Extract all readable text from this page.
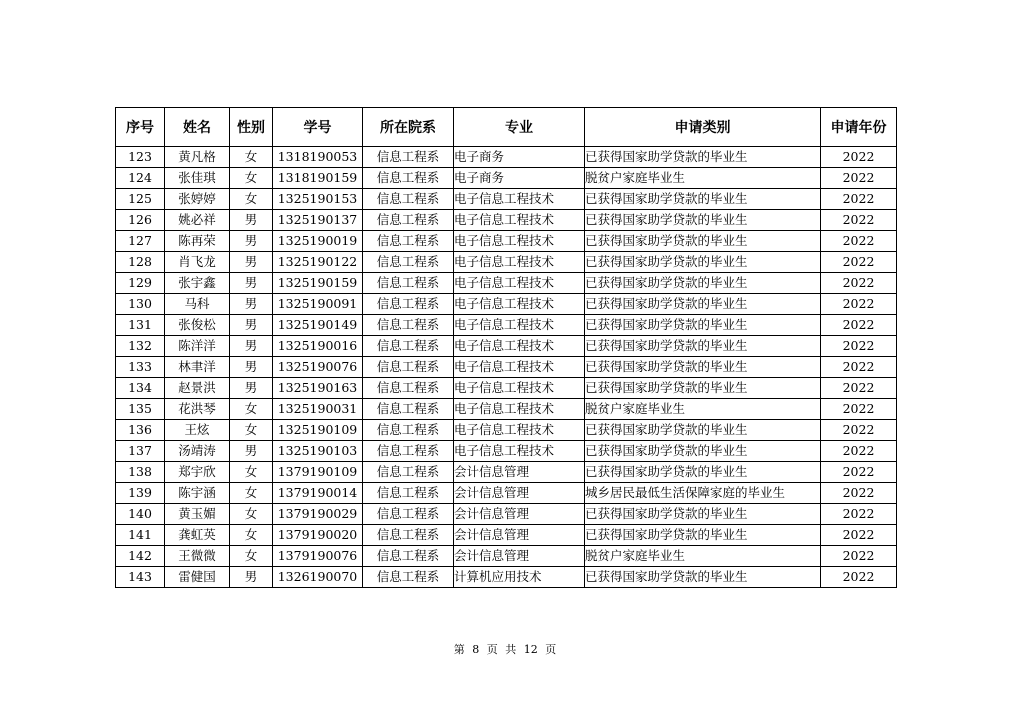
序号	姓名	性别	学号	所在院系	专业	申请类别	申请年份
123	黄凡格	女	1318190053	信息工程系	电子商务	已获得国家助学贷款的毕业生	2022
124	张佳琪	女	1318190159	信息工程系	电子商务	脱贫户家庭毕业生	2022
125	张婷婷	女	1325190153	信息工程系	电子信息工程技术	已获得国家助学贷款的毕业生	2022
126	姚必祥	男	1325190137	信息工程系	电子信息工程技术	已获得国家助学贷款的毕业生	2022
127	陈再荣	男	1325190019	信息工程系	电子信息工程技术	已获得国家助学贷款的毕业生	2022
128	肖飞龙	男	1325190122	信息工程系	电子信息工程技术	已获得国家助学贷款的毕业生	2022
129	张宇鑫	男	1325190159	信息工程系	电子信息工程技术	已获得国家助学贷款的毕业生	2022
130	马科	男	1325190091	信息工程系	电子信息工程技术	已获得国家助学贷款的毕业生	2022
131	张俊松	男	1325190149	信息工程系	电子信息工程技术	已获得国家助学贷款的毕业生	2022
132	陈洋洋	男	1325190016	信息工程系	电子信息工程技术	已获得国家助学贷款的毕业生	2022
133	林聿洋	男	1325190076	信息工程系	电子信息工程技术	已获得国家助学贷款的毕业生	2022
134	赵景洪	男	1325190163	信息工程系	电子信息工程技术	已获得国家助学贷款的毕业生	2022
135	花洪琴	女	1325190031	信息工程系	电子信息工程技术	脱贫户家庭毕业生	2022
136	王炫	女	1325190109	信息工程系	电子信息工程技术	已获得国家助学贷款的毕业生	2022
137	汤靖涛	男	1325190103	信息工程系	电子信息工程技术	已获得国家助学贷款的毕业生	2022
138	郑宇欣	女	1379190109	信息工程系	会计信息管理	已获得国家助学贷款的毕业生	2022
139	陈宇涵	女	1379190014	信息工程系	会计信息管理	城乡居民最低生活保障家庭的毕业生	2022
140	黄玉媚	女	1379190029	信息工程系	会计信息管理	已获得国家助学贷款的毕业生	2022
141	龚虹英	女	1379190020	信息工程系	会计信息管理	已获得国家助学贷款的毕业生	2022
142	王微微	女	1379190076	信息工程系	会计信息管理	脱贫户家庭毕业生	2022
143	雷健国	男	1326190070	信息工程系	计算机应用技术	已获得国家助学贷款的毕业生	2022
第 8 页 共 12 页
